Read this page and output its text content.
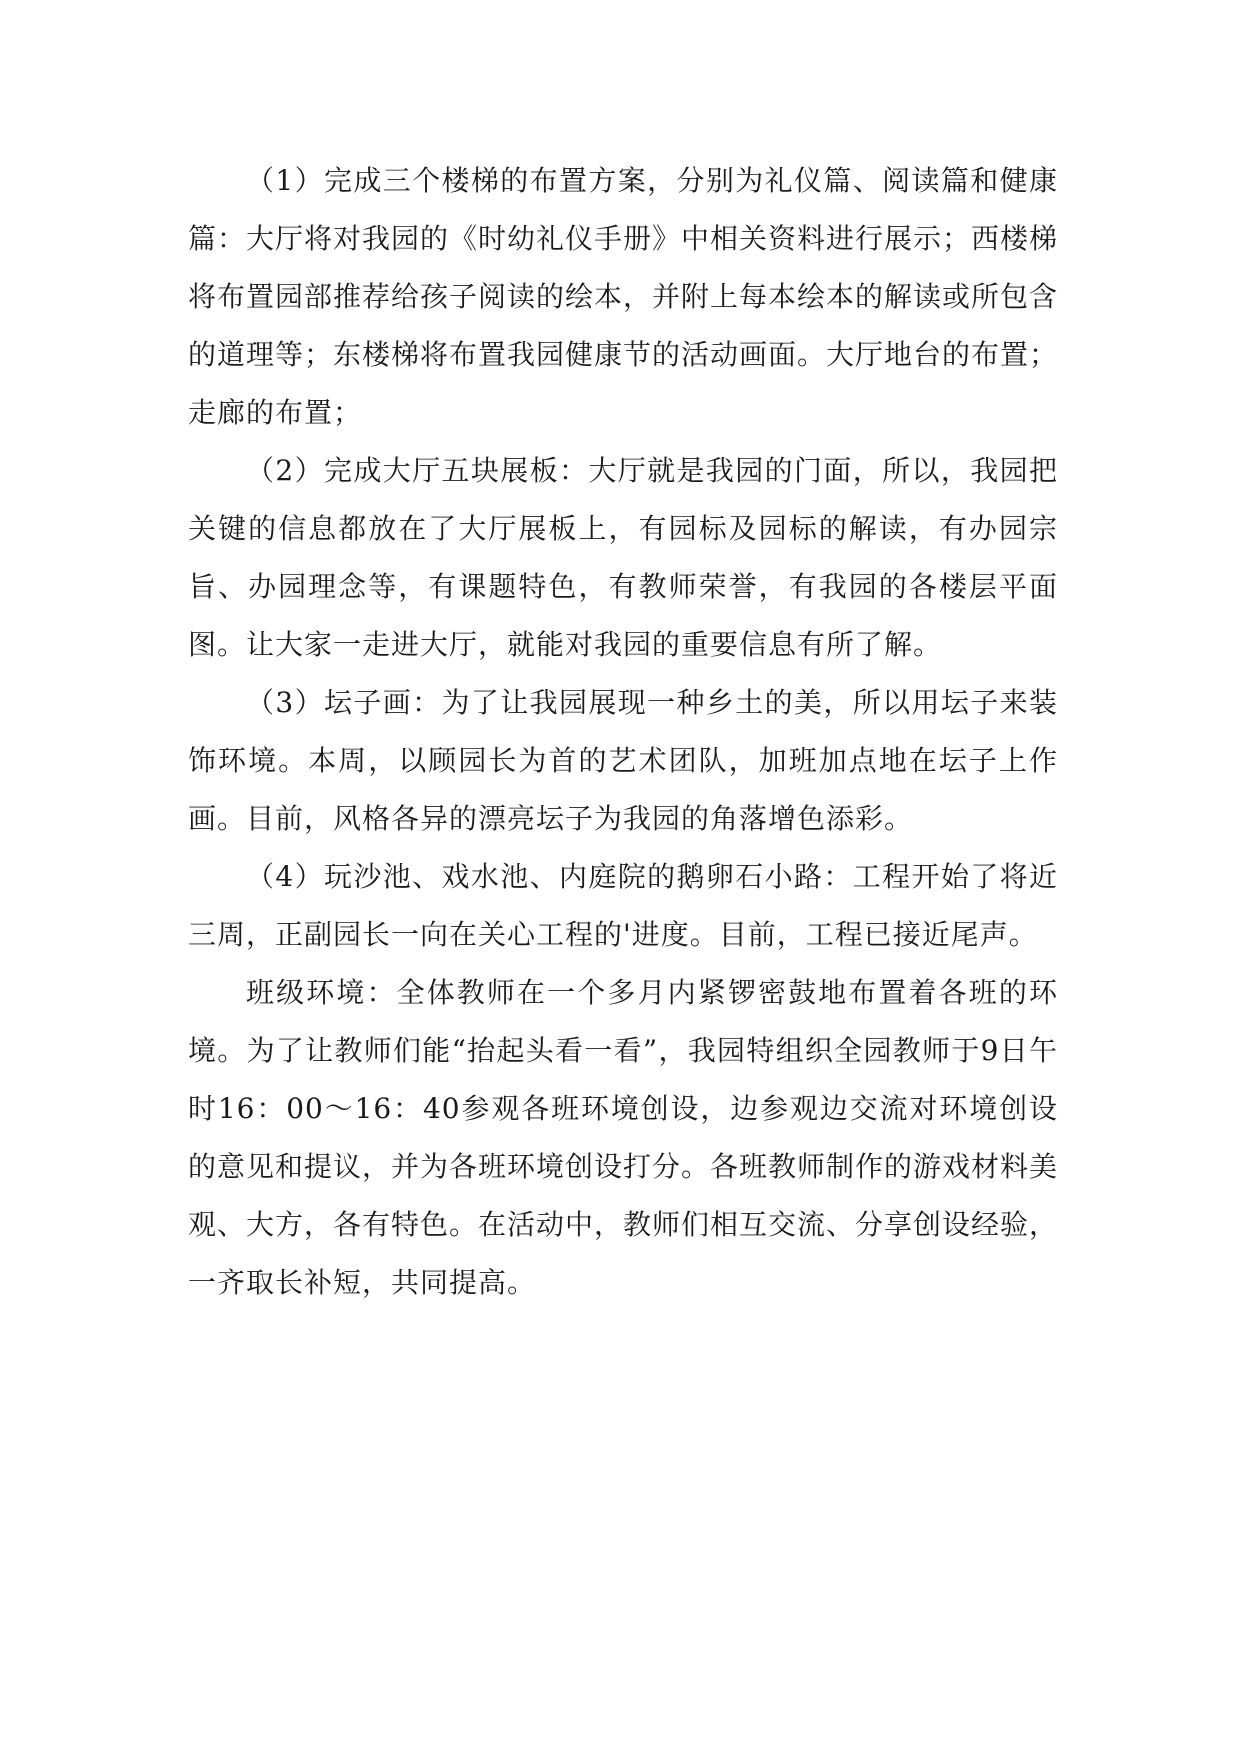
（1）完成三个楼梯的布置方案，分别为礼仪篇、阅读篇和健康篇：大厅将对我园的《时幼礼仪手册》中相关资料进行展示；西楼梯将布置园部推荐给孩子阅读的绘本，并附上每本绘本的解读或所包含的道理等；东楼梯将布置我园健康节的活动画面。大厅地台的布置；走廊的布置；

（2）完成大厅五块展板：大厅就是我园的门面，所以，我园把关键的信息都放在了大厅展板上，有园标及园标的解读，有办园宗旨、办园理念等，有课题特色，有教师荣誉，有我园的各楼层平面图。让大家一走进大厅，就能对我园的重要信息有所了解。

（3）坛子画：为了让我园展现一种乡土的美，所以用坛子来装饰环境。本周，以顾园长为首的艺术团队，加班加点地在坛子上作画。目前，风格各异的漂亮坛子为我园的角落增色添彩。

（4）玩沙池、戏水池、内庭院的鹅卵石小路：工程开始了将近三周，正副园长一向在关心工程的'进度。目前，工程已接近尾声。

班级环境：全体教师在一个多月内紧锣密鼓地布置着各班的环境。为了让教师们能“抬起头看一看”，我园特组织全园教师于9日午时16：00～16：40参观各班环境创设，边参观边交流对环境创设的意见和提议，并为各班环境创设打分。各班教师制作的游戏材料美观、大方，各有特色。在活动中，教师们相互交流、分享创设经验，一齐取长补短，共同提高。
